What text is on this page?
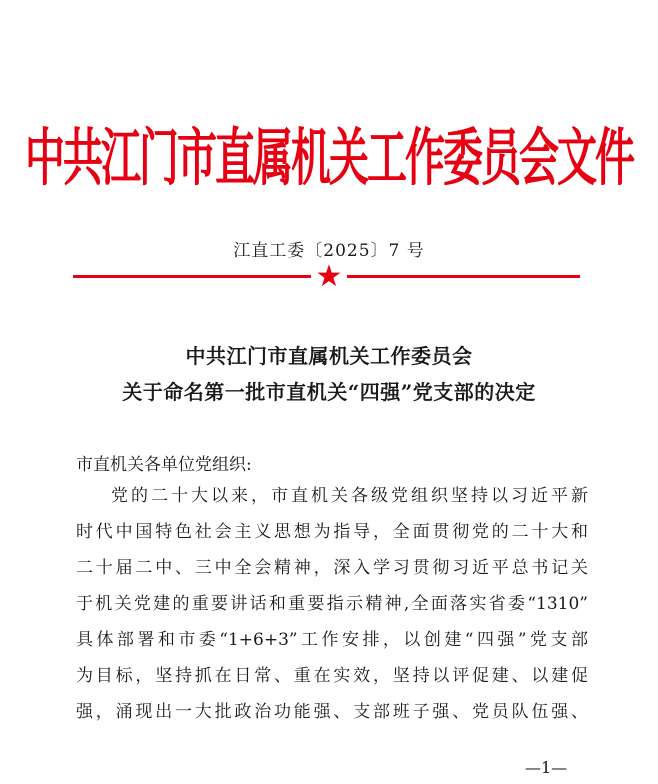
中共江门市直属机关工作委员会文件
江直工委〔2025〕7 号
★
中共江门市直属机关工作委员会
关于命名第一批市直机关“四强”党支部的决定
市直机关各单位党组织:
党的二十大以来，市直机关各级党组织坚持以习近平新
时代中国特色社会主义思想为指导，全面贯彻党的二十大和
二十届二中、三中全会精神，深入学习贯彻习近平总书记关
于机关党建的重要讲话和重要指示精神,全面落实省委“1310”
具体部署和市委“1+6+3”工作安排，以创建“四强”党支部
为目标，坚持抓在日常、重在实效，坚持以评促建、以建促
强，涌现出一大批政治功能强、支部班子强、党员队伍强、
—1—
